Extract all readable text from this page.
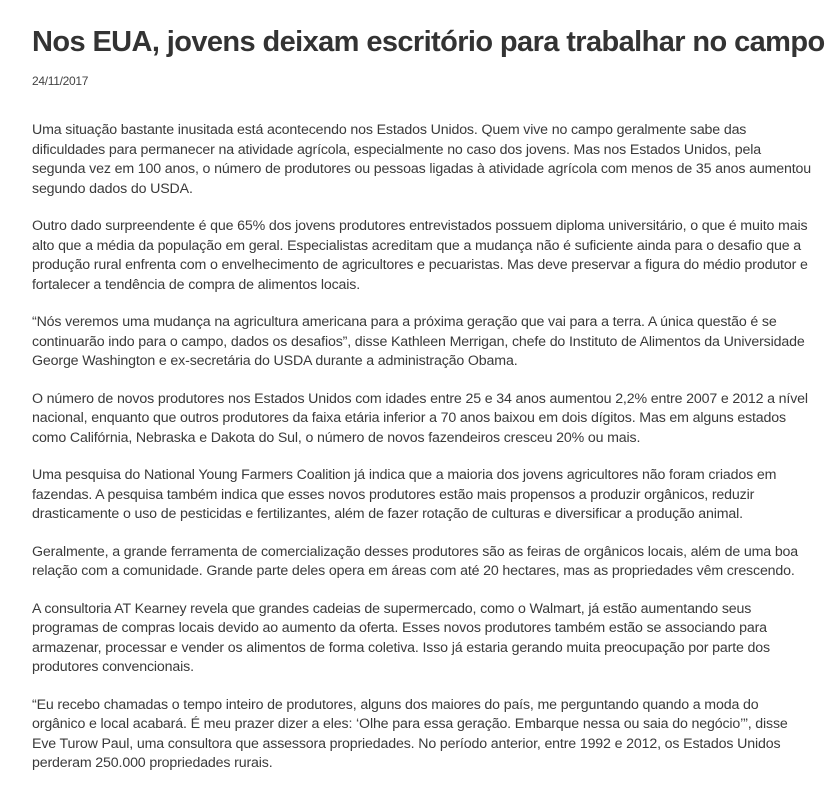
Nos EUA, jovens deixam escritório para trabalhar no campo
24/11/2017

Uma situação bastante inusitada está acontecendo nos Estados Unidos. Quem vive no campo geralmente sabe das dificuldades para permanecer na atividade agrícola, especialmente no caso dos jovens. Mas nos Estados Unidos, pela segunda vez em 100 anos, o número de produtores ou pessoas ligadas à atividade agrícola com menos de 35 anos aumentou segundo dados do USDA.

Outro dado surpreendente é que 65% dos jovens produtores entrevistados possuem diploma universitário, o que é muito mais alto que a média da população em geral. Especialistas acreditam que a mudança não é suficiente ainda para o desafio que a produção rural enfrenta com o envelhecimento de agricultores e pecuaristas. Mas deve preservar a figura do médio produtor e fortalecer a tendência de compra de alimentos locais.

“Nós veremos uma mudança na agricultura americana para a próxima geração que vai para a terra. A única questão é se continuarão indo para o campo, dados os desafios”, disse Kathleen Merrigan, chefe do Instituto de Alimentos da Universidade George Washington e ex-secretária do USDA durante a administração Obama.

O número de novos produtores nos Estados Unidos com idades entre 25 e 34 anos aumentou 2,2% entre 2007 e 2012 a nível nacional, enquanto que outros produtores da faixa etária inferior a 70 anos baixou em dois dígitos. Mas em alguns estados como Califórnia, Nebraska e Dakota do Sul, o número de novos fazendeiros cresceu 20% ou mais.

Uma pesquisa do National Young Farmers Coalition já indica que a maioria dos jovens agricultores não foram criados em fazendas. A pesquisa também indica que esses novos produtores estão mais propensos a produzir orgânicos, reduzir drasticamente o uso de pesticidas e fertilizantes, além de fazer rotação de culturas e diversificar a produção animal.

Geralmente, a grande ferramenta de comercialização desses produtores são as feiras de orgânicos locais, além de uma boa relação com a comunidade. Grande parte deles opera em áreas com até 20 hectares, mas as propriedades vêm crescendo.

A consultoria AT Kearney revela que grandes cadeias de supermercado, como o Walmart, já estão aumentando seus programas de compras locais devido ao aumento da oferta. Esses novos produtores também estão se associando para armazenar, processar e vender os alimentos de forma coletiva. Isso já estaria gerando muita preocupação por parte dos produtores convencionais.

“Eu recebo chamadas o tempo inteiro de produtores, alguns dos maiores do país, me perguntando quando a moda do orgânico e local acabará. É meu prazer dizer a eles: ‘Olhe para essa geração. Embarque nessa ou saia do negócio’”, disse Eve Turow Paul, uma consultora que assessora propriedades. No período anterior, entre 1992 e 2012, os Estados Unidos perderam 250.000 propriedades rurais.
